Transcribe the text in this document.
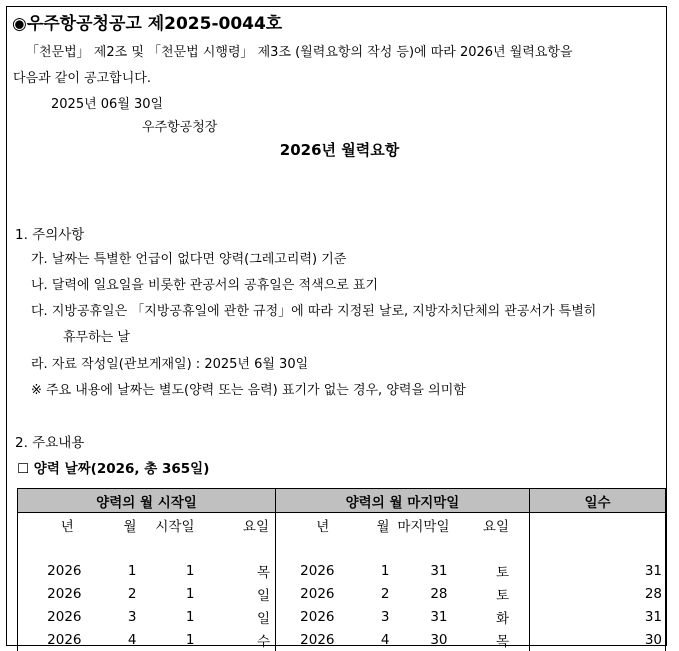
◉우주항공청공고 제2025-0044호
「천문법」 제2조 및 「천문법 시행령」 제3조 (월력요항의 작성 등)에 따라 2026년 월력요항을
다음과 같이 공고합니다.
2025년 06월 30일
우주항공청장
2026년 월력요항
1. 주의사항
가. 날짜는 특별한 언급이 없다면 양력(그레고리력) 기준
나. 달력에 일요일을 비롯한 관공서의 공휴일은 적색으로 표기
다. 지방공휴일은 「지방공휴일에 관한 규정」에 따라 지정된 날로, 지방자치단체의 관공서가 특별히
휴무하는 날
라. 자료 작성일(관보게재일) : 2025년 6월 30일
※ 주요 내용에 날짜는 별도(양력 또는 음력) 표기가 없는 경우, 양력을 의미함
2. 주요내용
☐ 양력 날짜(2026, 총 365일)
양력의 월 시작일				양력의 월 마지막일				일수
년	월	시작일	요일	년	월	마지막일	요일	

2026	1	1	목	2026	1	31	토	31
2026	2	1	일	2026	2	28	토	28
2026	3	1	일	2026	3	31	화	31
2026	4	1	수	2026	4	30	목	30
